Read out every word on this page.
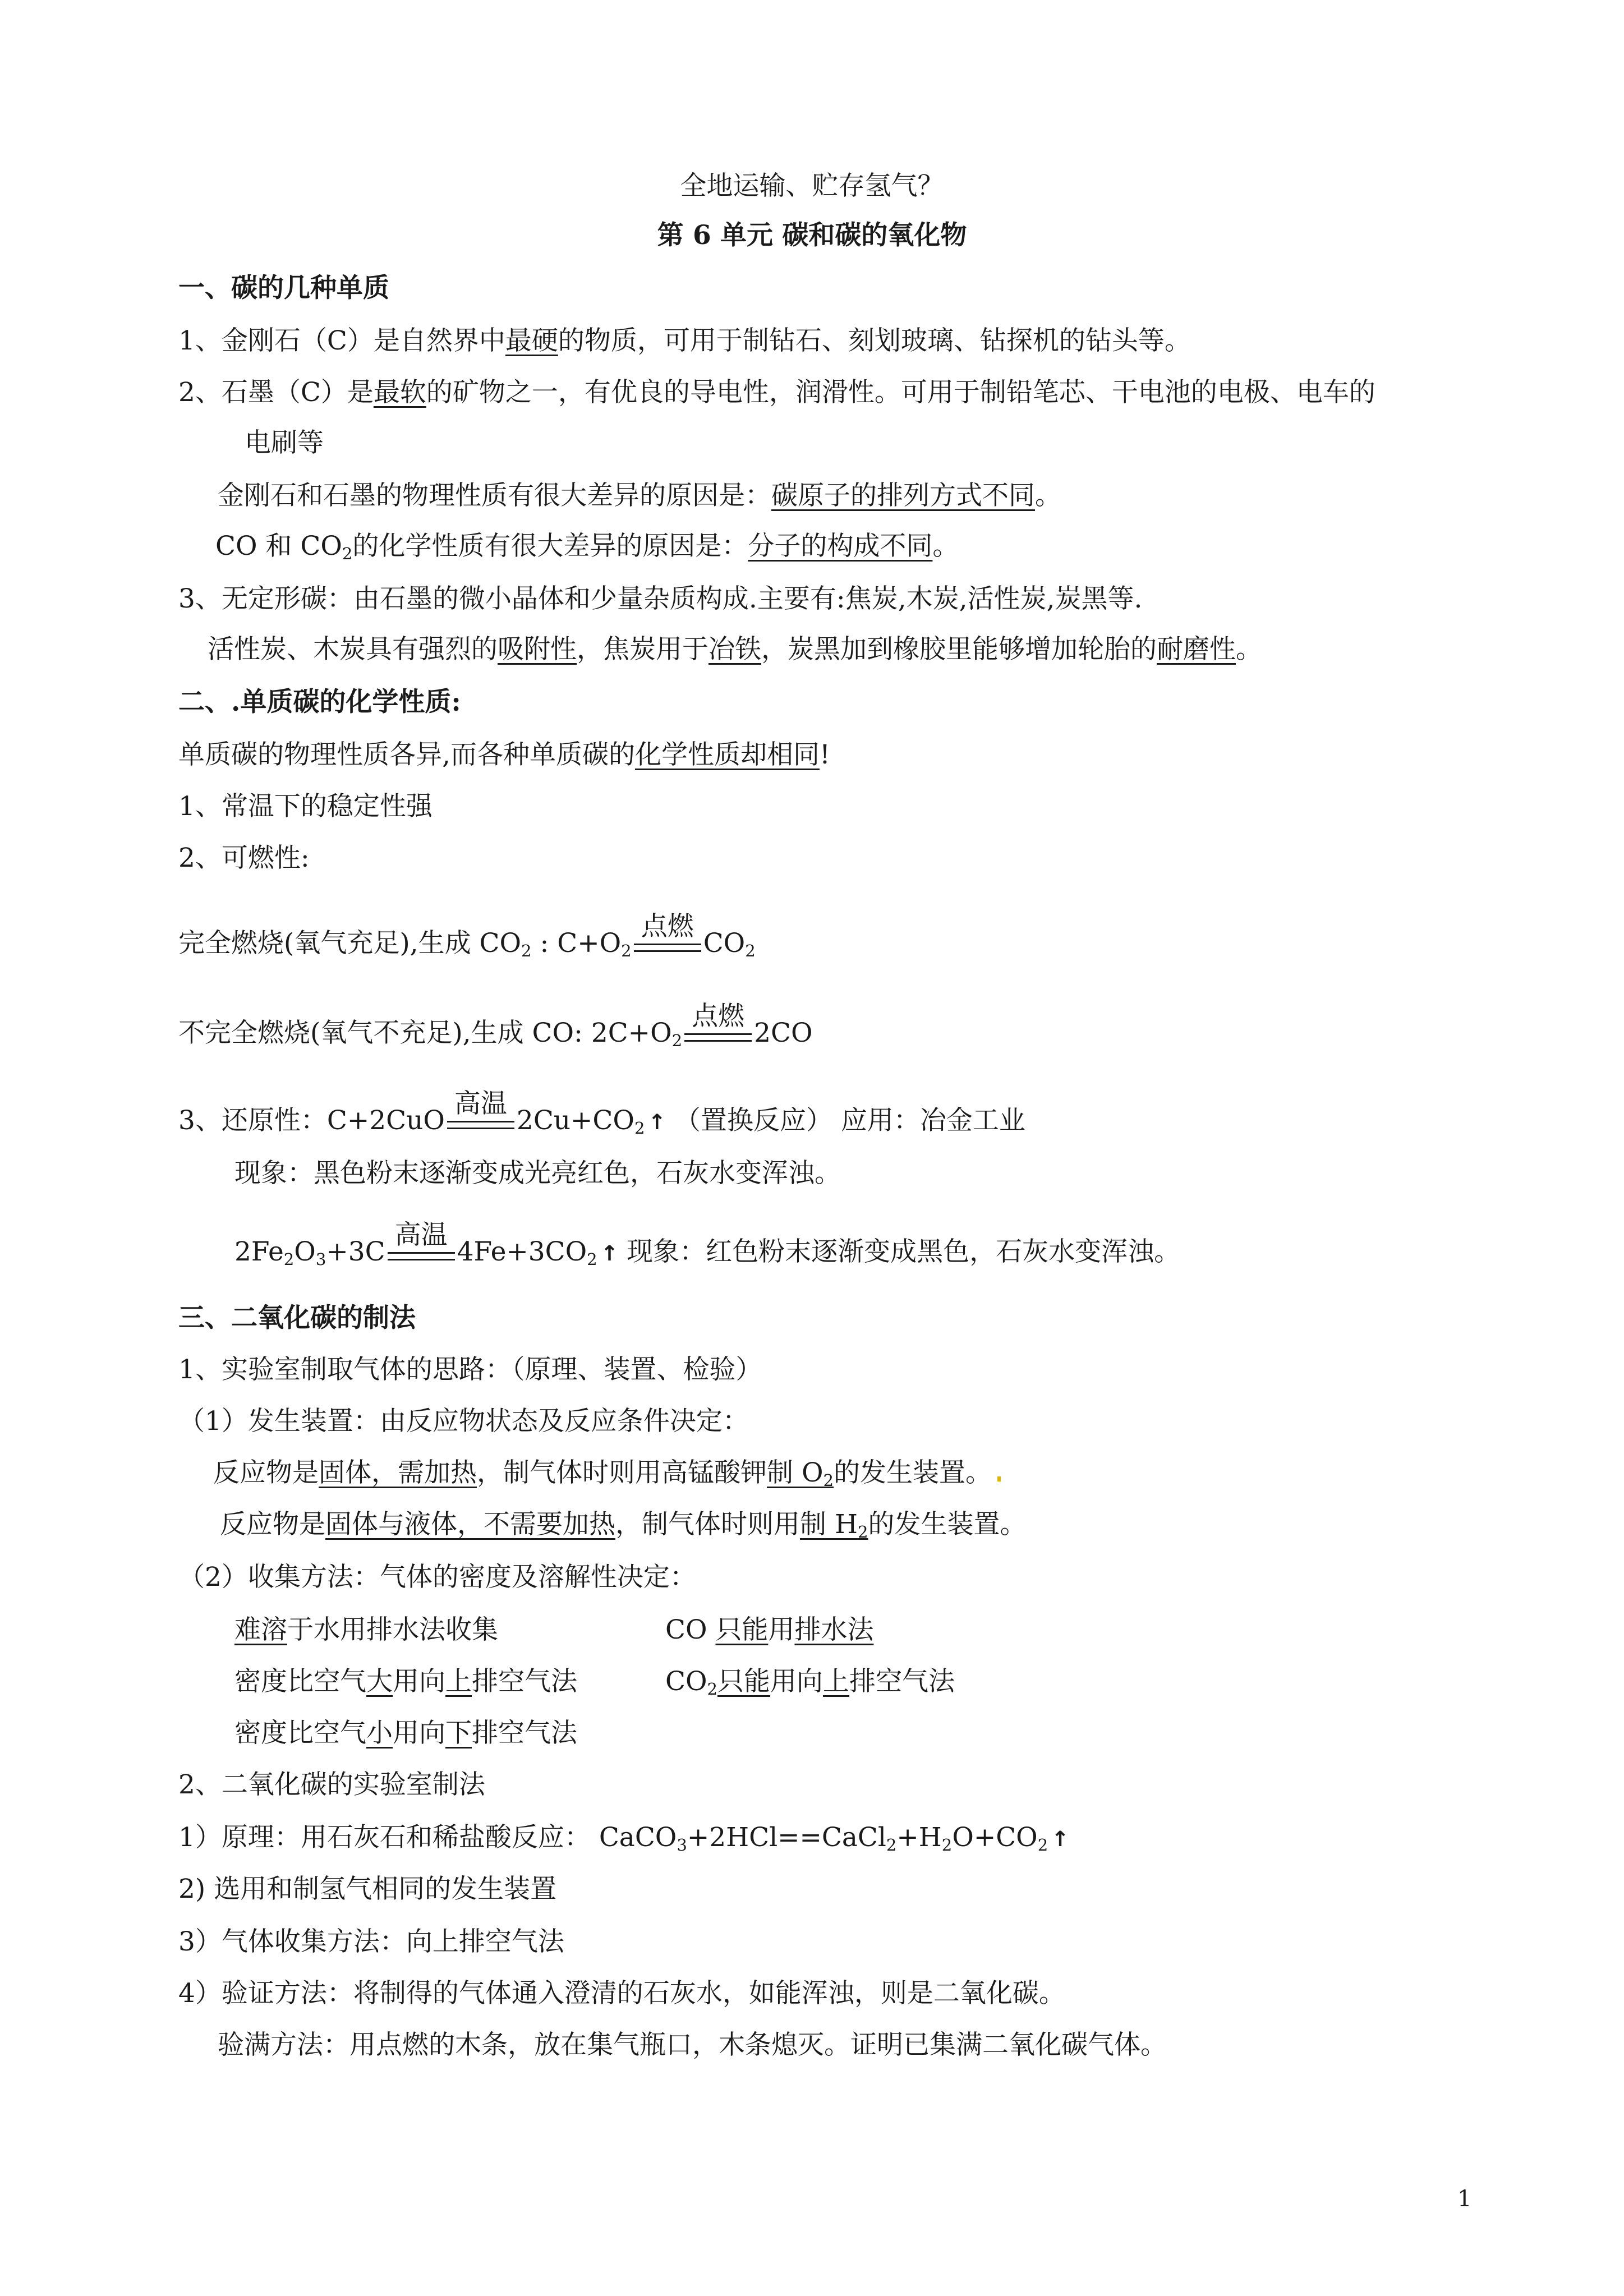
全地运输、贮存氢气？
第 6 单元 碳和碳的氧化物
一、碳的几种单质
1、金刚石（C）是自然界中最硬的物质，可用于制钻石、刻划玻璃、钻探机的钻头等。
2、石墨（C）是最软的矿物之一，有优良的导电性，润滑性。可用于制铅笔芯、干电池的电极、电车的
电刷等
金刚石和石墨的物理性质有很大差异的原因是：碳原子的排列方式不同。
CO 和 $CO_2$的化学性质有很大差异的原因是：分子的构成不同。
3、无定形碳：由石墨的微小晶体和少量杂质构成.主要有:焦炭,木炭,活性炭,炭黑等.
活性炭、木炭具有强烈的吸附性，焦炭用于冶铁，炭黑加到橡胶里能够增加轮胎的耐磨性。
二、.单质碳的化学性质:
单质碳的物理性质各异,而各种单质碳的化学性质却相同!
1、常温下的稳定性强
2、可燃性:
完全燃烧(氧气充足),生成 $CO_2$ : $C+O_2$
点燃
$CO_2$
不完全燃烧(氧气不充足),生成 CO: $2C+O_2$
点燃
2CO
3、还原性：C+2CuO
高温
$2Cu+CO_2$ ↑ （置换反应） 应用：冶金工业
现象：黑色粉末逐渐变成光亮红色，石灰水变浑浊。
$2Fe_2O_3+3C$
高温
$4Fe+3CO_2$ ↑ 现象：红色粉末逐渐变成黑色，石灰水变浑浊。
三、二氧化碳的制法
1、实验室制取气体的思路：（原理、装置、检验）
（1）发生装置：由反应物状态及反应条件决定：
反应物是固体，需加热，制气体时则用高锰酸钾制 $O_2$的发生装置。
反应物是固体与液体，不需要加热，制气体时则用制 $H_2$的发生装置。
（2）收集方法：气体的密度及溶解性决定：
难溶于水用排水法收集	CO 只能用排水法
密度比空气大用向上排空气法	$CO_2$只能用向上排空气法
密度比空气小用向下排空气法
2、二氧化碳的实验室制法
1）原理：用石灰石和稀盐酸反应： $CaCO_3+2HCl==CaCl_2+H_2O+CO_2$ ↑
2) 选用和制氢气相同的发生装置
3）气体收集方法：向上排空气法
4）验证方法：将制得的气体通入澄清的石灰水，如能浑浊，则是二氧化碳。
验满方法：用点燃的木条，放在集气瓶口，木条熄灭。证明已集满二氧化碳气体。
1
